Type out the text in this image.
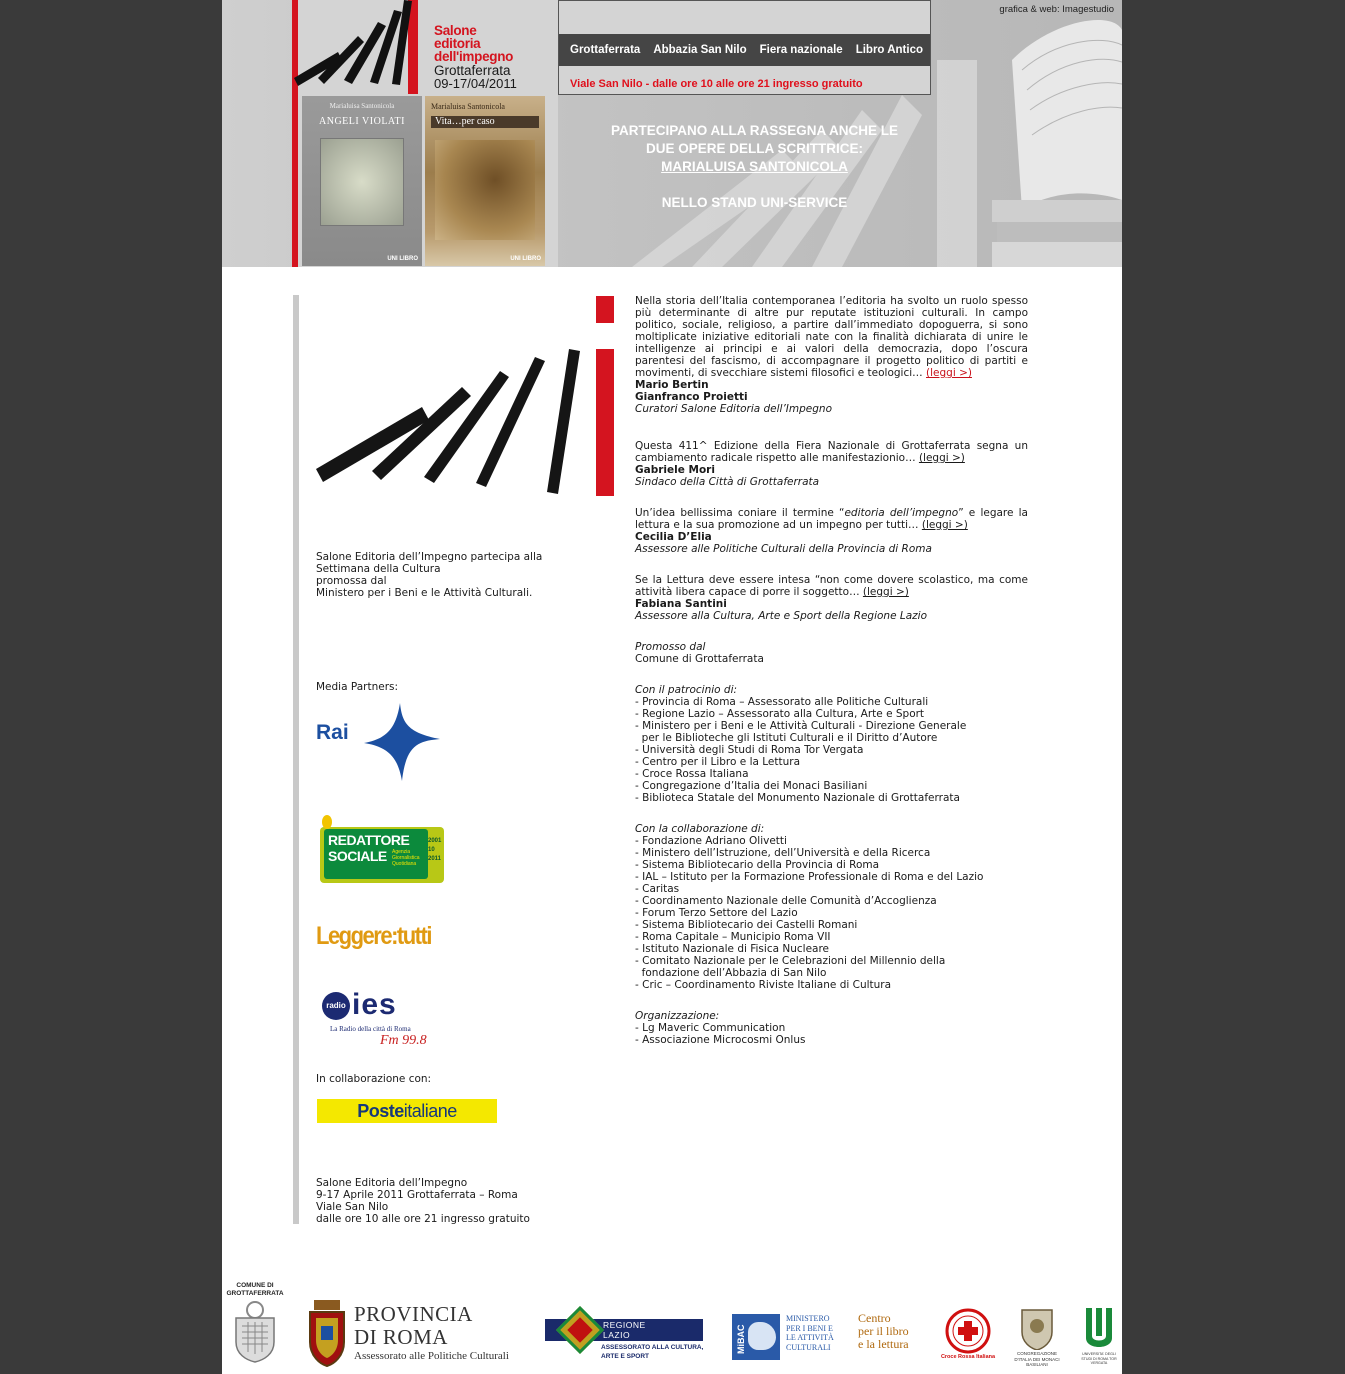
grafica & web: Imagestudio
Salone
editoria
dell'impegno
Grottaferrata
09-17/04/2011
Marialuisa Santonicola
ANGELI VIOLATI
UNI LIBRO
Marialuisa Santonicola
Vita…per caso
UNI LIBRO
Grottaferrata Abbazia San Nilo Fiera nazionale Libro Antico
Viale San Nilo - dalle ore 10 alle ore 21 ingresso gratuito
PARTECIPANO ALLA RASSEGNA ANCHE LE
DUE OPERE DELLA SCRITTRICE:
MARIALUISA SANTONICOLA
NELLO STAND UNI-SERVICE
Salone Editoria dell’Impegno partecipa alla
Settimana della Cultura
promossa dal
Ministero per i Beni e le Attività Culturali.
Media Partners:
Rai
REDATTORE
SOCIALE Agenzia Giornalistica Quotidiana
2001 10 2011
Leggere:tutti
radio ies
La Radio della città di Roma
Fm 99.8
In collaborazione con:
Posteitaliane
Salone Editoria dell’Impegno
9-17 Aprile 2011 Grottaferrata – Roma
Viale San Nilo
dalle ore 10 alle ore 21 ingresso gratuito
Nella storia dell’Italia contemporanea l’editoria ha svolto un ruolo spesso più determinante di altre pur reputate istituzioni culturali. In campo politico, sociale, religioso, a partire dall’immediato dopoguerra, si sono moltiplicate iniziative editoriali nate con la finalità dichiarata di unire le intelligenze ai principi e ai valori della democrazia, dopo l’oscura parentesi del fascismo, di accompagnare il progetto politico di partiti e movimenti, di svecchiare sistemi filosofici e teologici… (leggi >)
Mario Bertin
Gianfranco Proietti
Curatori Salone Editoria dell’Impegno
Questa 411^ Edizione della Fiera Nazionale di Grottaferrata segna un cambiamento radicale rispetto alle manifestazionio… (leggi >)
Gabriele Mori
Sindaco della Città di Grottaferrata
Un’idea bellissima coniare il termine “editoria dell’impegno” e legare la lettura e la sua promozione ad un impegno per tutti… (leggi >)
Cecilia D’Elia
Assessore alle Politiche Culturali della Provincia di Roma
Se la Lettura deve essere intesa “non come dovere scolastico, ma come attività libera capace di porre il soggetto… (leggi >)
Fabiana Santini
Assessore alla Cultura, Arte e Sport della Regione Lazio
Promosso dal
Comune di Grottaferrata
Con il patrocinio di:
- Provincia di Roma – Assessorato alle Politiche Culturali
- Regione Lazio – Assessorato alla Cultura, Arte e Sport
- Ministero per i Beni e le Attività Culturali - Direzione Generale
per le Biblioteche gli Istituti Culturali e il Diritto d’Autore
- Università degli Studi di Roma Tor Vergata
- Centro per il Libro e la Lettura
- Croce Rossa Italiana
- Congregazione d’Italia dei Monaci Basiliani
- Biblioteca Statale del Monumento Nazionale di Grottaferrata
Con la collaborazione di:
- Fondazione Adriano Olivetti
- Ministero dell’Istruzione, dell’Università e della Ricerca
- Sistema Bibliotecario della Provincia di Roma
- IAL – Istituto per la Formazione Professionale di Roma e del Lazio
- Caritas
- Coordinamento Nazionale delle Comunità d’Accoglienza
- Forum Terzo Settore del Lazio
- Sistema Bibliotecario dei Castelli Romani
- Roma Capitale – Municipio Roma VII
- Istituto Nazionale di Fisica Nucleare
- Comitato Nazionale per le Celebrazioni del Millennio della
fondazione dell’Abbazia di San Nilo
- Cric – Coordinamento Riviste Italiane di Cultura
Organizzazione:
- Lg Maveric Communication
- Associazione Microcosmi Onlus
COMUNE DI GROTTAFERRATA
PROVINCIA
DI ROMA
Assessorato alle Politiche Culturali
REGIONE
LAZIO
ASSESSORATO ALLA CULTURA,
ARTE E SPORT
MiBAC
MINISTERO
PER I BENI E
LE ATTIVITÀ
CULTURALI
Centro
per il libro
e la lettura
Croce Rossa Italiana
CONGREGAZIONE D'ITALIA DEI MONACI BASILIANI
UNIVERSITA' DEGLI STUDI DI ROMA TOR VERGATA
